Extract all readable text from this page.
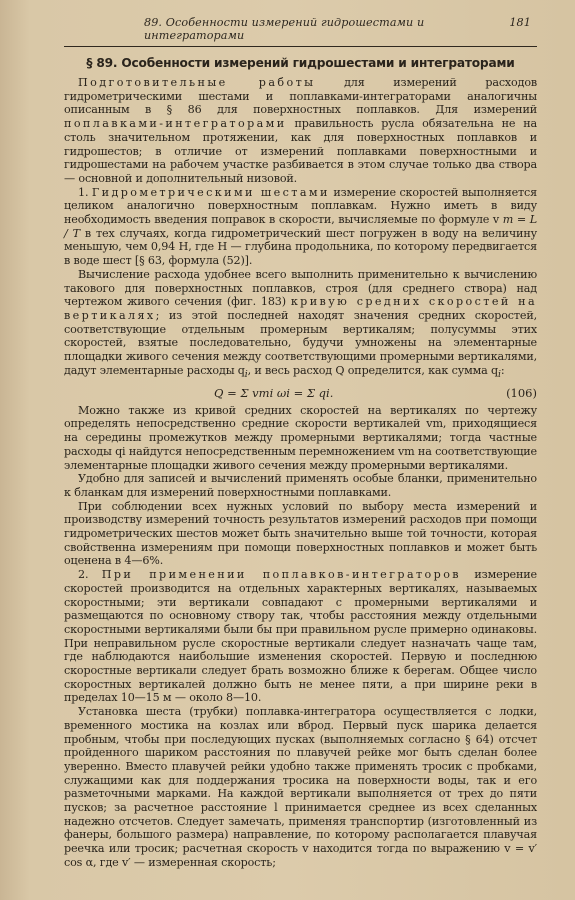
89. Особенности измерений гидрошестами и интеграторами
181
§ 89. Особенности измерений гидрошестами и интеграторами

Подготовительные работы для измерений расходов гидрометрическими шестами и поплавками-интеграторами аналогичны описанным в § 86 для поверхностных поплавков. Для измерений поплавками-интеграторами правильность русла обязательна не на столь значительном протяжении, как для поверхностных поплавков и гидрошестов; в отличие от измерений поплавками поверхностными и гидрошестами на рабочем участке разбивается в этом случае только два створа — основной и дополнительный низовой.

1. Гидрометрическими шестами измерение скоростей выполняется целиком аналогично поверхностным поплавкам. Нужно иметь в виду необходимость введения поправок в скорости, вычисляемые по формуле v m = L / T в тех случаях, когда гидрометрический шест погружен в воду на величину меньшую, чем 0,94 H, где H — глубина продольника, по которому передвигается в воде шест [§ 63, формула (52)].

Вычисление расхода удобнее всего выполнить применительно к вычислению такового для поверхностных поплавков, строя (для среднего створа) над чертежом живого сечения (фиг. 183) кривую средних скоростей на вертикалях; из этой последней находят значения средних скоростей, соответствующие отдельным промерным вертикалям; полусуммы этих скоростей, взятые последовательно, будучи умножены на элементарные площадки живого сечения между соответствующими промерными вертикалями, дадут элементарные расходы $q_i$, и весь расход Q определится, как сумма $q_i$:

Q = Σ vmi ωi = Σ qi.	(106)

Можно также из кривой средних скоростей на вертикалях по чертежу определять непосредственно средние скорости вертикалей vm, приходящиеся на середины промежутков между промерными вертикалями; тогда частные расходы qi найдутся непосредственным перемножением vm на соответствующие элементарные площадки живого сечения между промерными вертикалями.

Удобно для записей и вычислений применять особые бланки, применительно к бланкам для измерений поверхностными поплавками.

При соблюдении всех нужных условий по выбору места измерений и производству измерений точность результатов измерений расходов при помощи гидрометрических шестов может быть значительно выше той точности, которая свойственна измерениям при помощи поверхностных поплавков и может быть оценена в 4—6%.

2. При применении поплавков-интеграторов измерение скоростей производится на отдельных характерных вертикалях, называемых скоростными; эти вертикали совпадают с промерными вертикалями и размещаются по основному створу так, чтобы расстояния между отдельными скоростными вертикалями были бы при правильном русле примерно одинаковы. При неправильном русле скоростные вертикали следует назначать чаще там, где наблюдаются наибольшие изменения скоростей. Первую и последнюю скоростные вертикали следует брать возможно ближе к берегам. Общее число скоростных вертикалей должно быть не менее пяти, а при ширине реки в пределах 10—15 м — около 8—10.

Установка шеста (трубки) поплавка-интегратора осуществляется с лодки, временного мостика на козлах или вброд. Первый пуск шарика делается пробным, чтобы при последующих пусках (выполняемых согласно § 64) отсчет пройденного шариком расстояния по плавучей рейке мог быть сделан более уверенно. Вместо плавучей рейки удобно также применять тросик с пробками, служащими как для поддержания тросика на поверхности воды, так и его разметочными марками. На каждой вертикали выполняется от трех до пяти пусков; за расчетное расстояние l принимается среднее из всех сделанных надежно отсчетов. Следует замечать, применяя транспортир (изготовленный из фанеры, большого размера) направление, по которому располагается плавучая реечка или тросик; расчетная скорость v находится тогда по выражению v = v′ cos α, где v′ — измеренная скорость;
